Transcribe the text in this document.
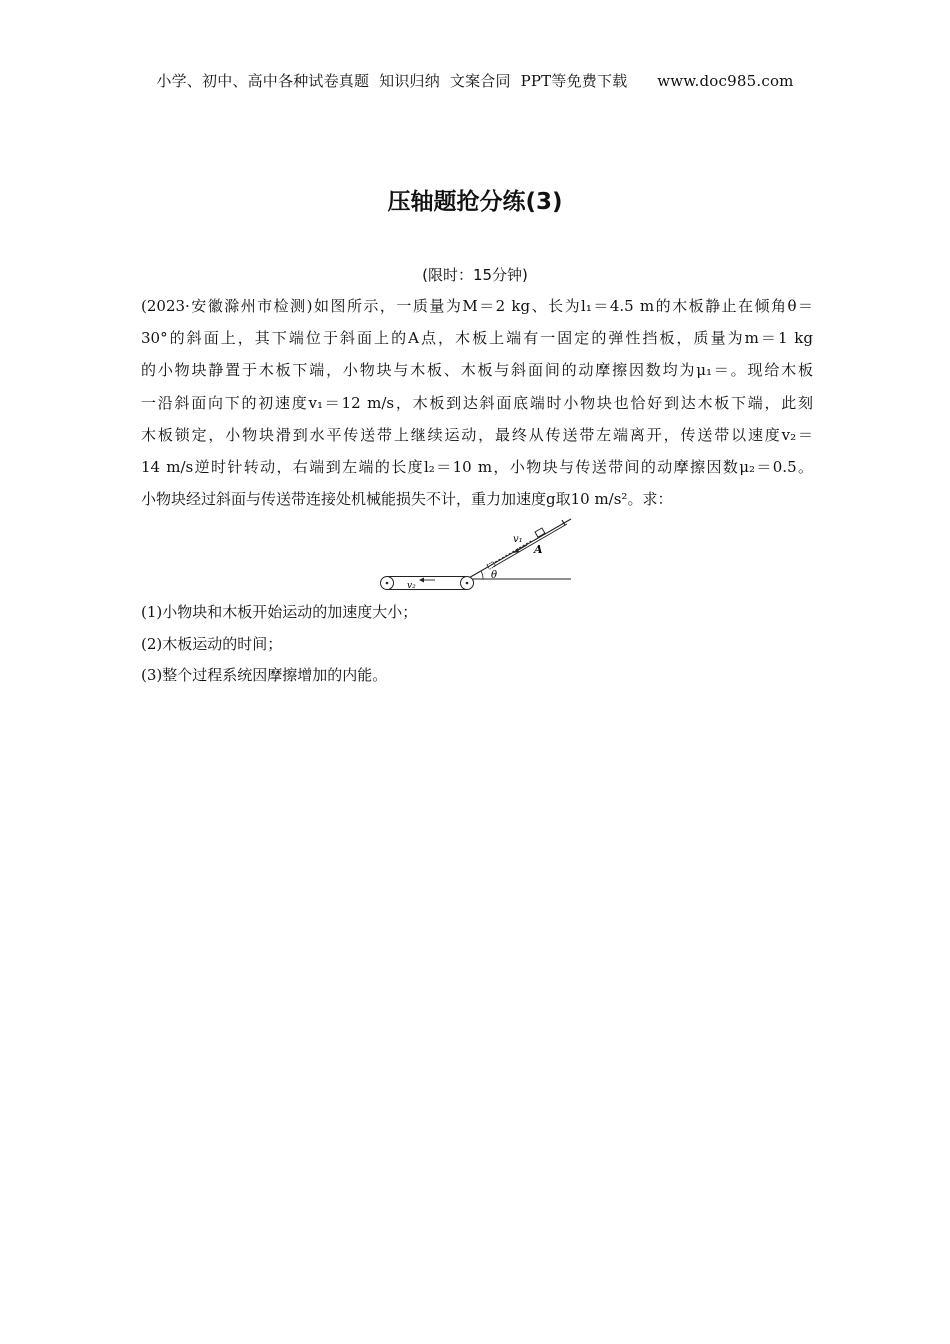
小学、初中、高中各种试卷真题  知识归纳  文案合同  PPT等免费下载      www.doc985.com
压轴题抢分练(3)
(限时：15分钟)
(2023·安徽滁州市检测)如图所示，一质量为M＝2 kg、长为l₁＝4.5 m的木板静止在倾角θ＝
30°的斜面上，其下端位于斜面上的A点，木板上端有一固定的弹性挡板，质量为m＝1 kg
的小物块静置于木板下端，小物块与木板、木板与斜面间的动摩擦因数均为μ₁＝。现给木板
一沿斜面向下的初速度v₁＝12 m/s，木板到达斜面底端时小物块也恰好到达木板下端，此刻
木板锁定，小物块滑到水平传送带上继续运动，最终从传送带左端离开，传送带以速度v₂＝
14 m/s逆时针转动，右端到左端的长度l₂＝10 m，小物块与传送带间的动摩擦因数μ₂＝0.5。
小物块经过斜面与传送带连接处机械能损失不计，重力加速度g取10 m/s²。求：
v₁
A
θ
v₂
(1)小物块和木板开始运动的加速度大小；
(2)木板运动的时间；
(3)整个过程系统因摩擦增加的内能。
